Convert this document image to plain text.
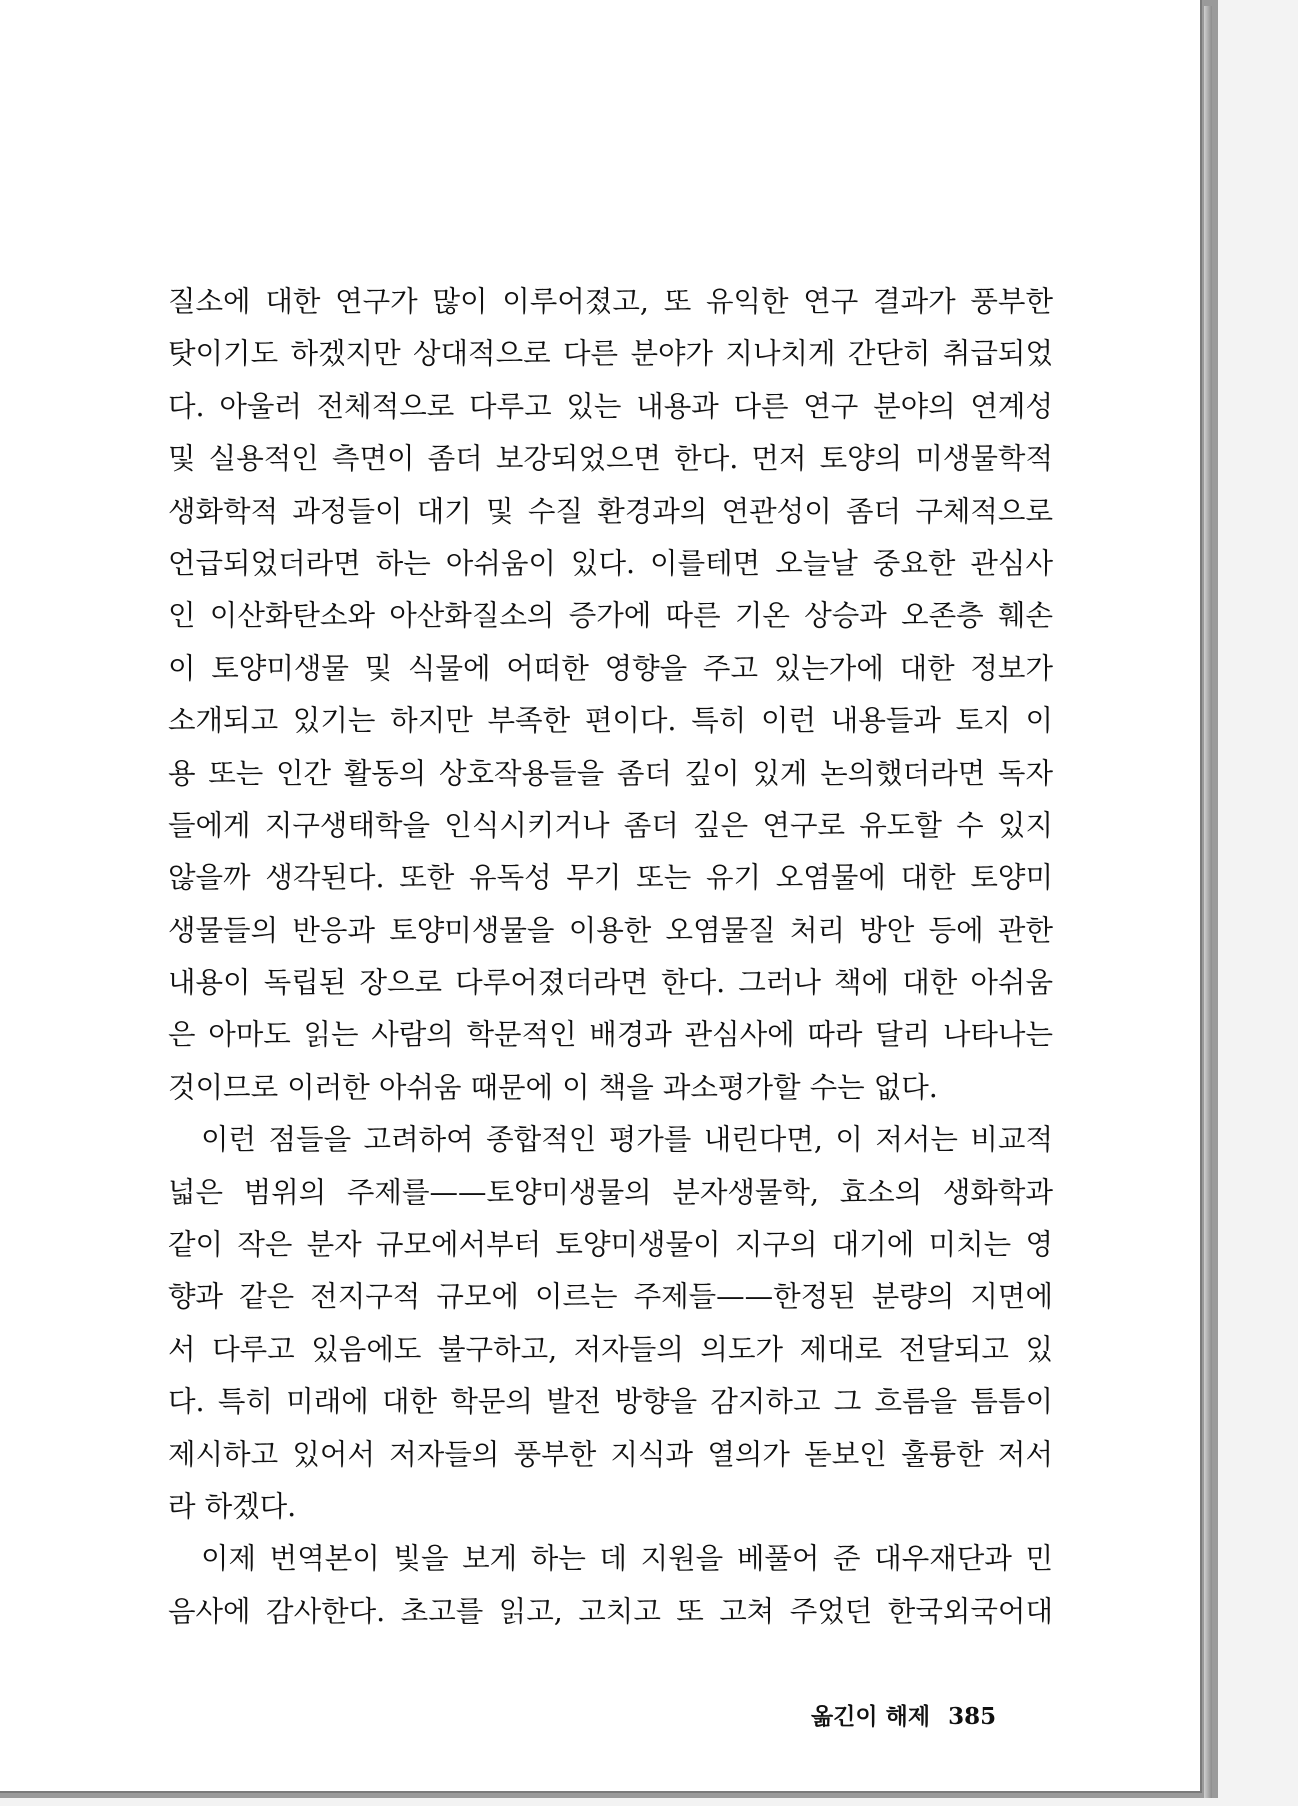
질소에 대한 연구가 많이 이루어졌고, 또 유익한 연구 결과가 풍부한
탓이기도 하겠지만 상대적으로 다른 분야가 지나치게 간단히 취급되었
다. 아울러 전체적으로 다루고 있는 내용과 다른 연구 분야의 연계성
및 실용적인 측면이 좀더 보강되었으면 한다. 먼저 토양의 미생물학적
생화학적 과정들이 대기 및 수질 환경과의 연관성이 좀더 구체적으로
언급되었더라면 하는 아쉬움이 있다. 이를테면 오늘날 중요한 관심사
인 이산화탄소와 아산화질소의 증가에 따른 기온 상승과 오존층 훼손
이 토양미생물 및 식물에 어떠한 영향을 주고 있는가에 대한 정보가
소개되고 있기는 하지만 부족한 편이다. 특히 이런 내용들과 토지 이
용 또는 인간 활동의 상호작용들을 좀더 깊이 있게 논의했더라면 독자
들에게 지구생태학을 인식시키거나 좀더 깊은 연구로 유도할 수 있지
않을까 생각된다. 또한 유독성 무기 또는 유기 오염물에 대한 토양미
생물들의 반응과 토양미생물을 이용한 오염물질 처리 방안 등에 관한
내용이 독립된 장으로 다루어졌더라면 한다. 그러나 책에 대한 아쉬움
은 아마도 읽는 사람의 학문적인 배경과 관심사에 따라 달리 나타나는
것이므로 이러한 아쉬움 때문에 이 책을 과소평가할 수는 없다.
이런 점들을 고려하여 종합적인 평가를 내린다면, 이 저서는 비교적
넓은 범위의 주제를——토양미생물의 분자생물학, 효소의 생화학과
같이 작은 분자 규모에서부터 토양미생물이 지구의 대기에 미치는 영
향과 같은 전지구적 규모에 이르는 주제들——한정된 분량의 지면에
서 다루고 있음에도 불구하고, 저자들의 의도가 제대로 전달되고 있
다. 특히 미래에 대한 학문의 발전 방향을 감지하고 그 흐름을 틈틈이
제시하고 있어서 저자들의 풍부한 지식과 열의가 돋보인 훌륭한 저서
라 하겠다.
이제 번역본이 빛을 보게 하는 데 지원을 베풀어 준 대우재단과 민
음사에 감사한다. 초고를 읽고, 고치고 또 고쳐 주었던 한국외국어대
옮긴이 해제 385
